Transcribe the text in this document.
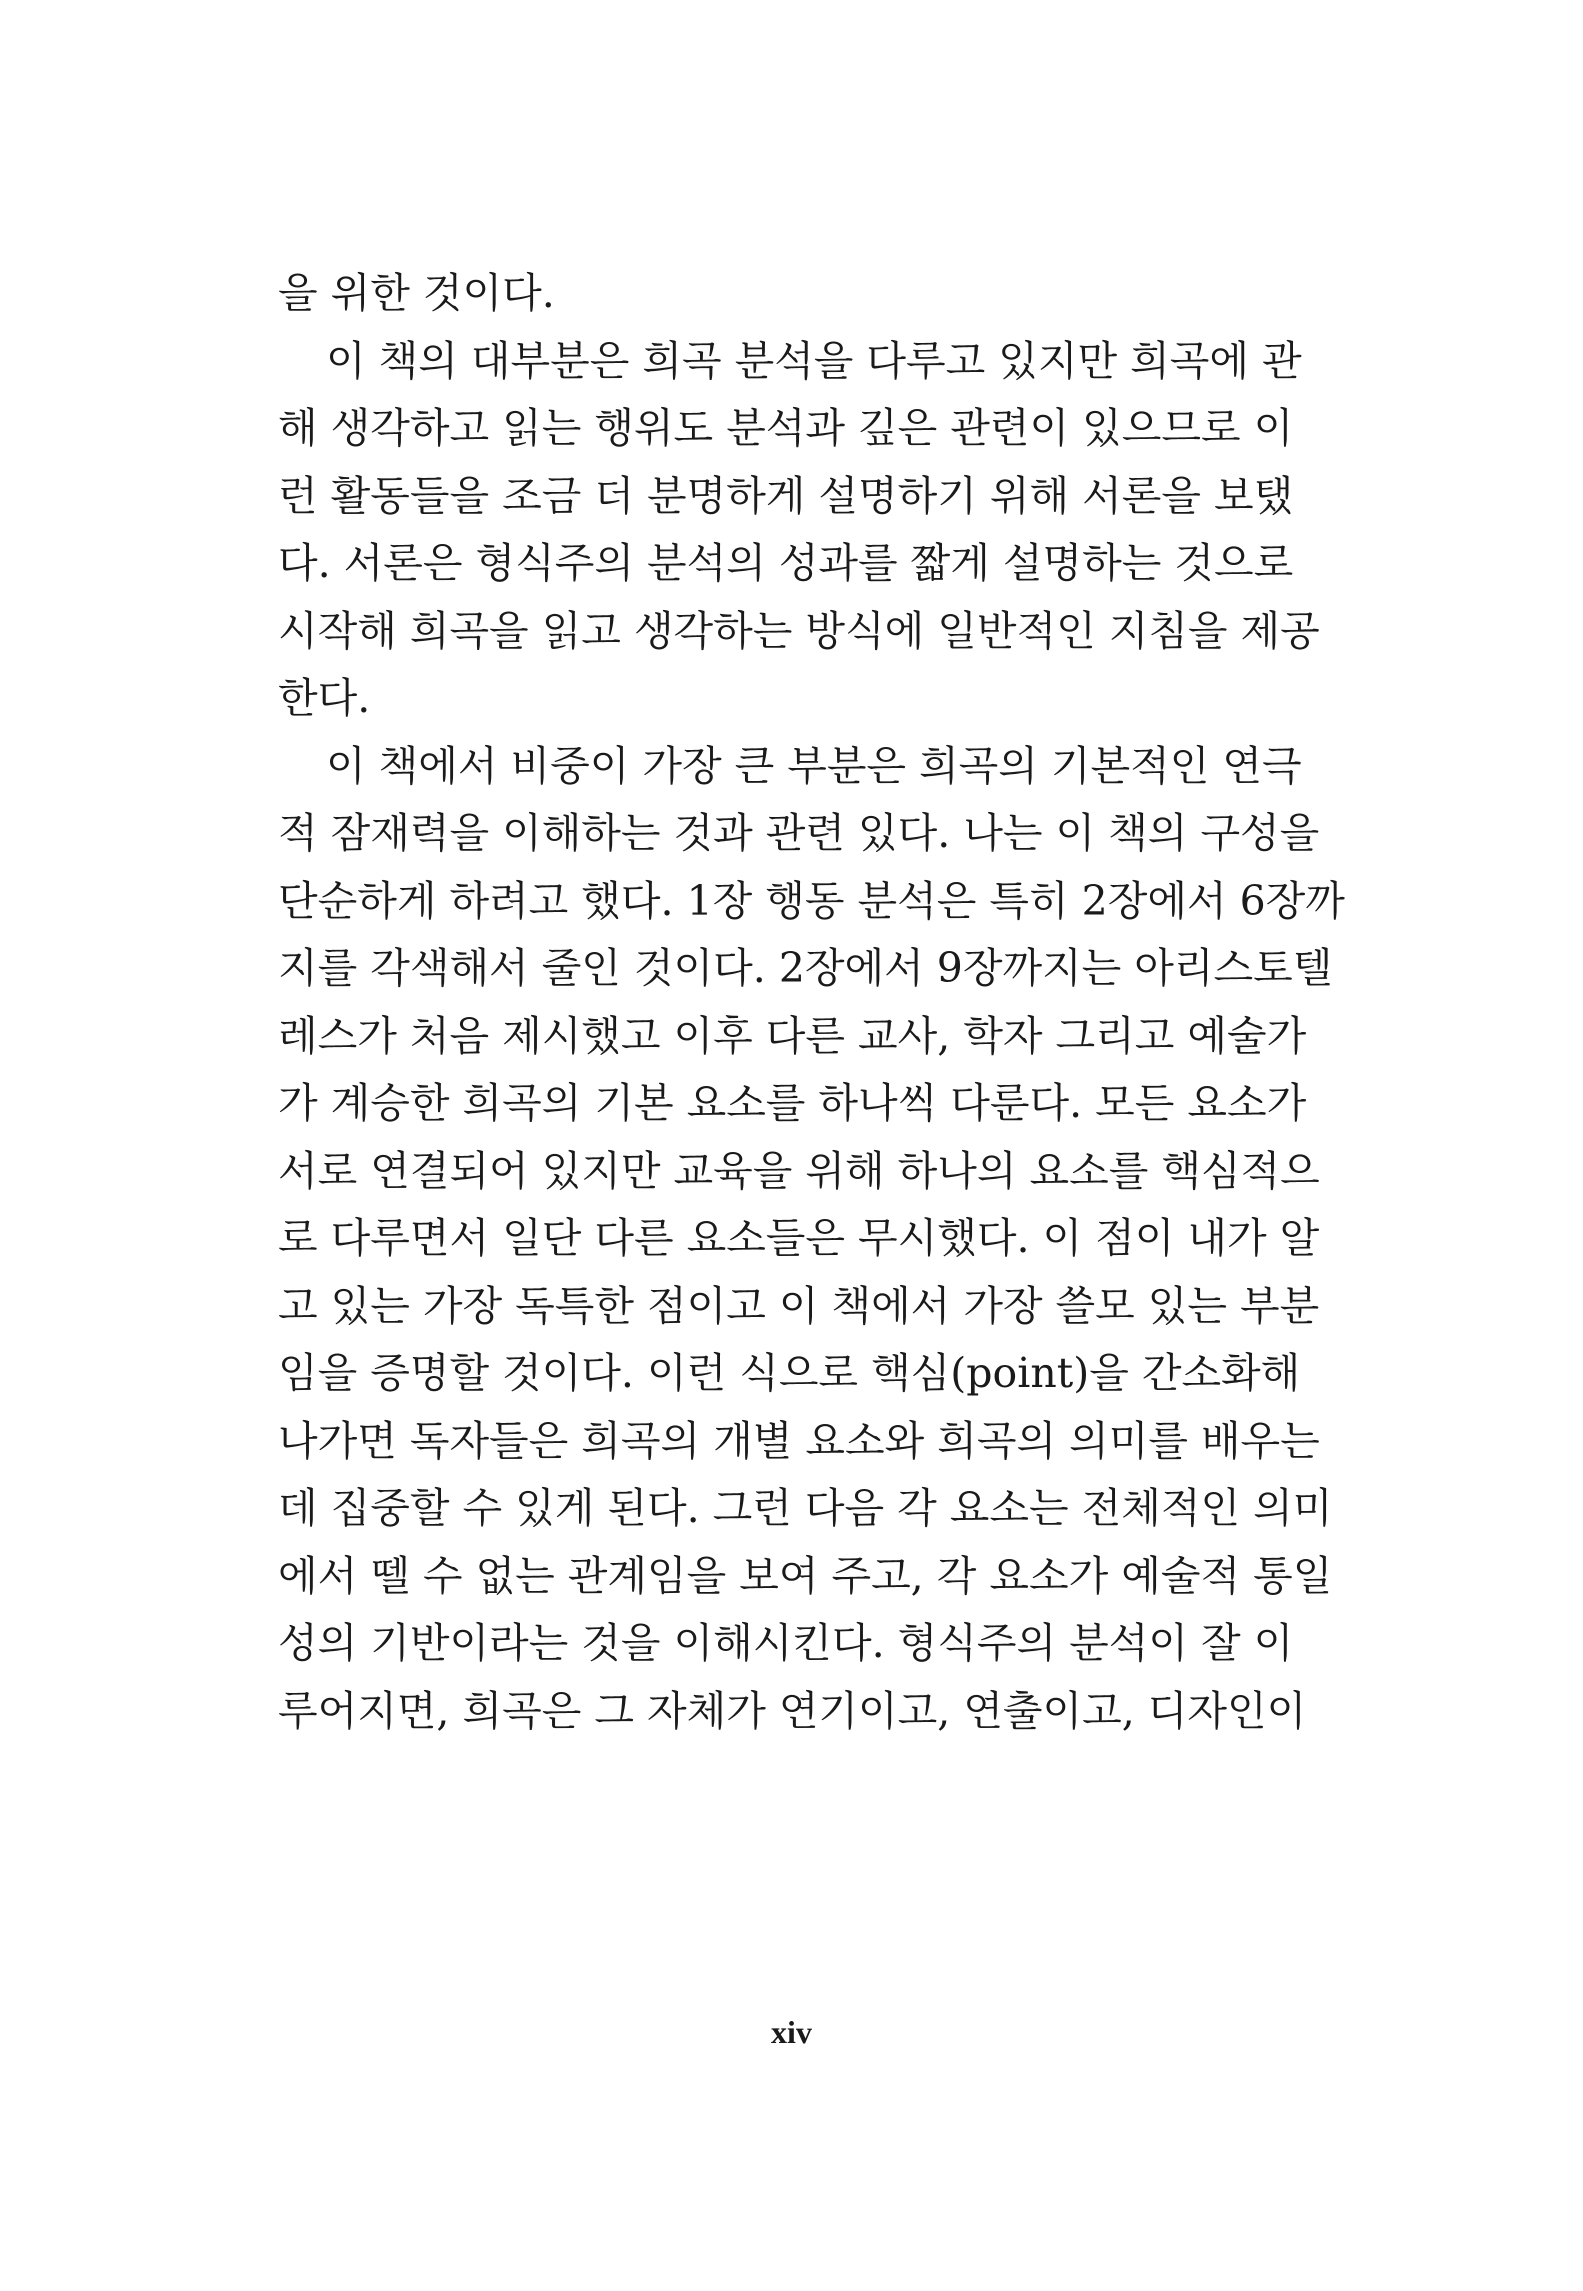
을 위한 것이다.
이 책의 대부분은 희곡 분석을 다루고 있지만 희곡에 관
해 생각하고 읽는 행위도 분석과 깊은 관련이 있으므로 이
런 활동들을 조금 더 분명하게 설명하기 위해 서론을 보탰
다. 서론은 형식주의 분석의 성과를 짧게 설명하는 것으로
시작해 희곡을 읽고 생각하는 방식에 일반적인 지침을 제공
한다.
이 책에서 비중이 가장 큰 부분은 희곡의 기본적인 연극
적 잠재력을 이해하는 것과 관련 있다. 나는 이 책의 구성을
단순하게 하려고 했다. 1장 행동 분석은 특히 2장에서 6장까
지를 각색해서 줄인 것이다. 2장에서 9장까지는 아리스토텔
레스가 처음 제시했고 이후 다른 교사, 학자 그리고 예술가
가 계승한 희곡의 기본 요소를 하나씩 다룬다. 모든 요소가
서로 연결되어 있지만 교육을 위해 하나의 요소를 핵심적으
로 다루면서 일단 다른 요소들은 무시했다. 이 점이 내가 알
고 있는 가장 독특한 점이고 이 책에서 가장 쓸모 있는 부분
임을 증명할 것이다. 이런 식으로 핵심(point)을 간소화해
나가면 독자들은 희곡의 개별 요소와 희곡의 의미를 배우는
데 집중할 수 있게 된다. 그런 다음 각 요소는 전체적인 의미
에서 뗄 수 없는 관계임을 보여 주고, 각 요소가 예술적 통일
성의 기반이라는 것을 이해시킨다. 형식주의 분석이 잘 이
루어지면, 희곡은 그 자체가 연기이고, 연출이고, 디자인이
xiv
